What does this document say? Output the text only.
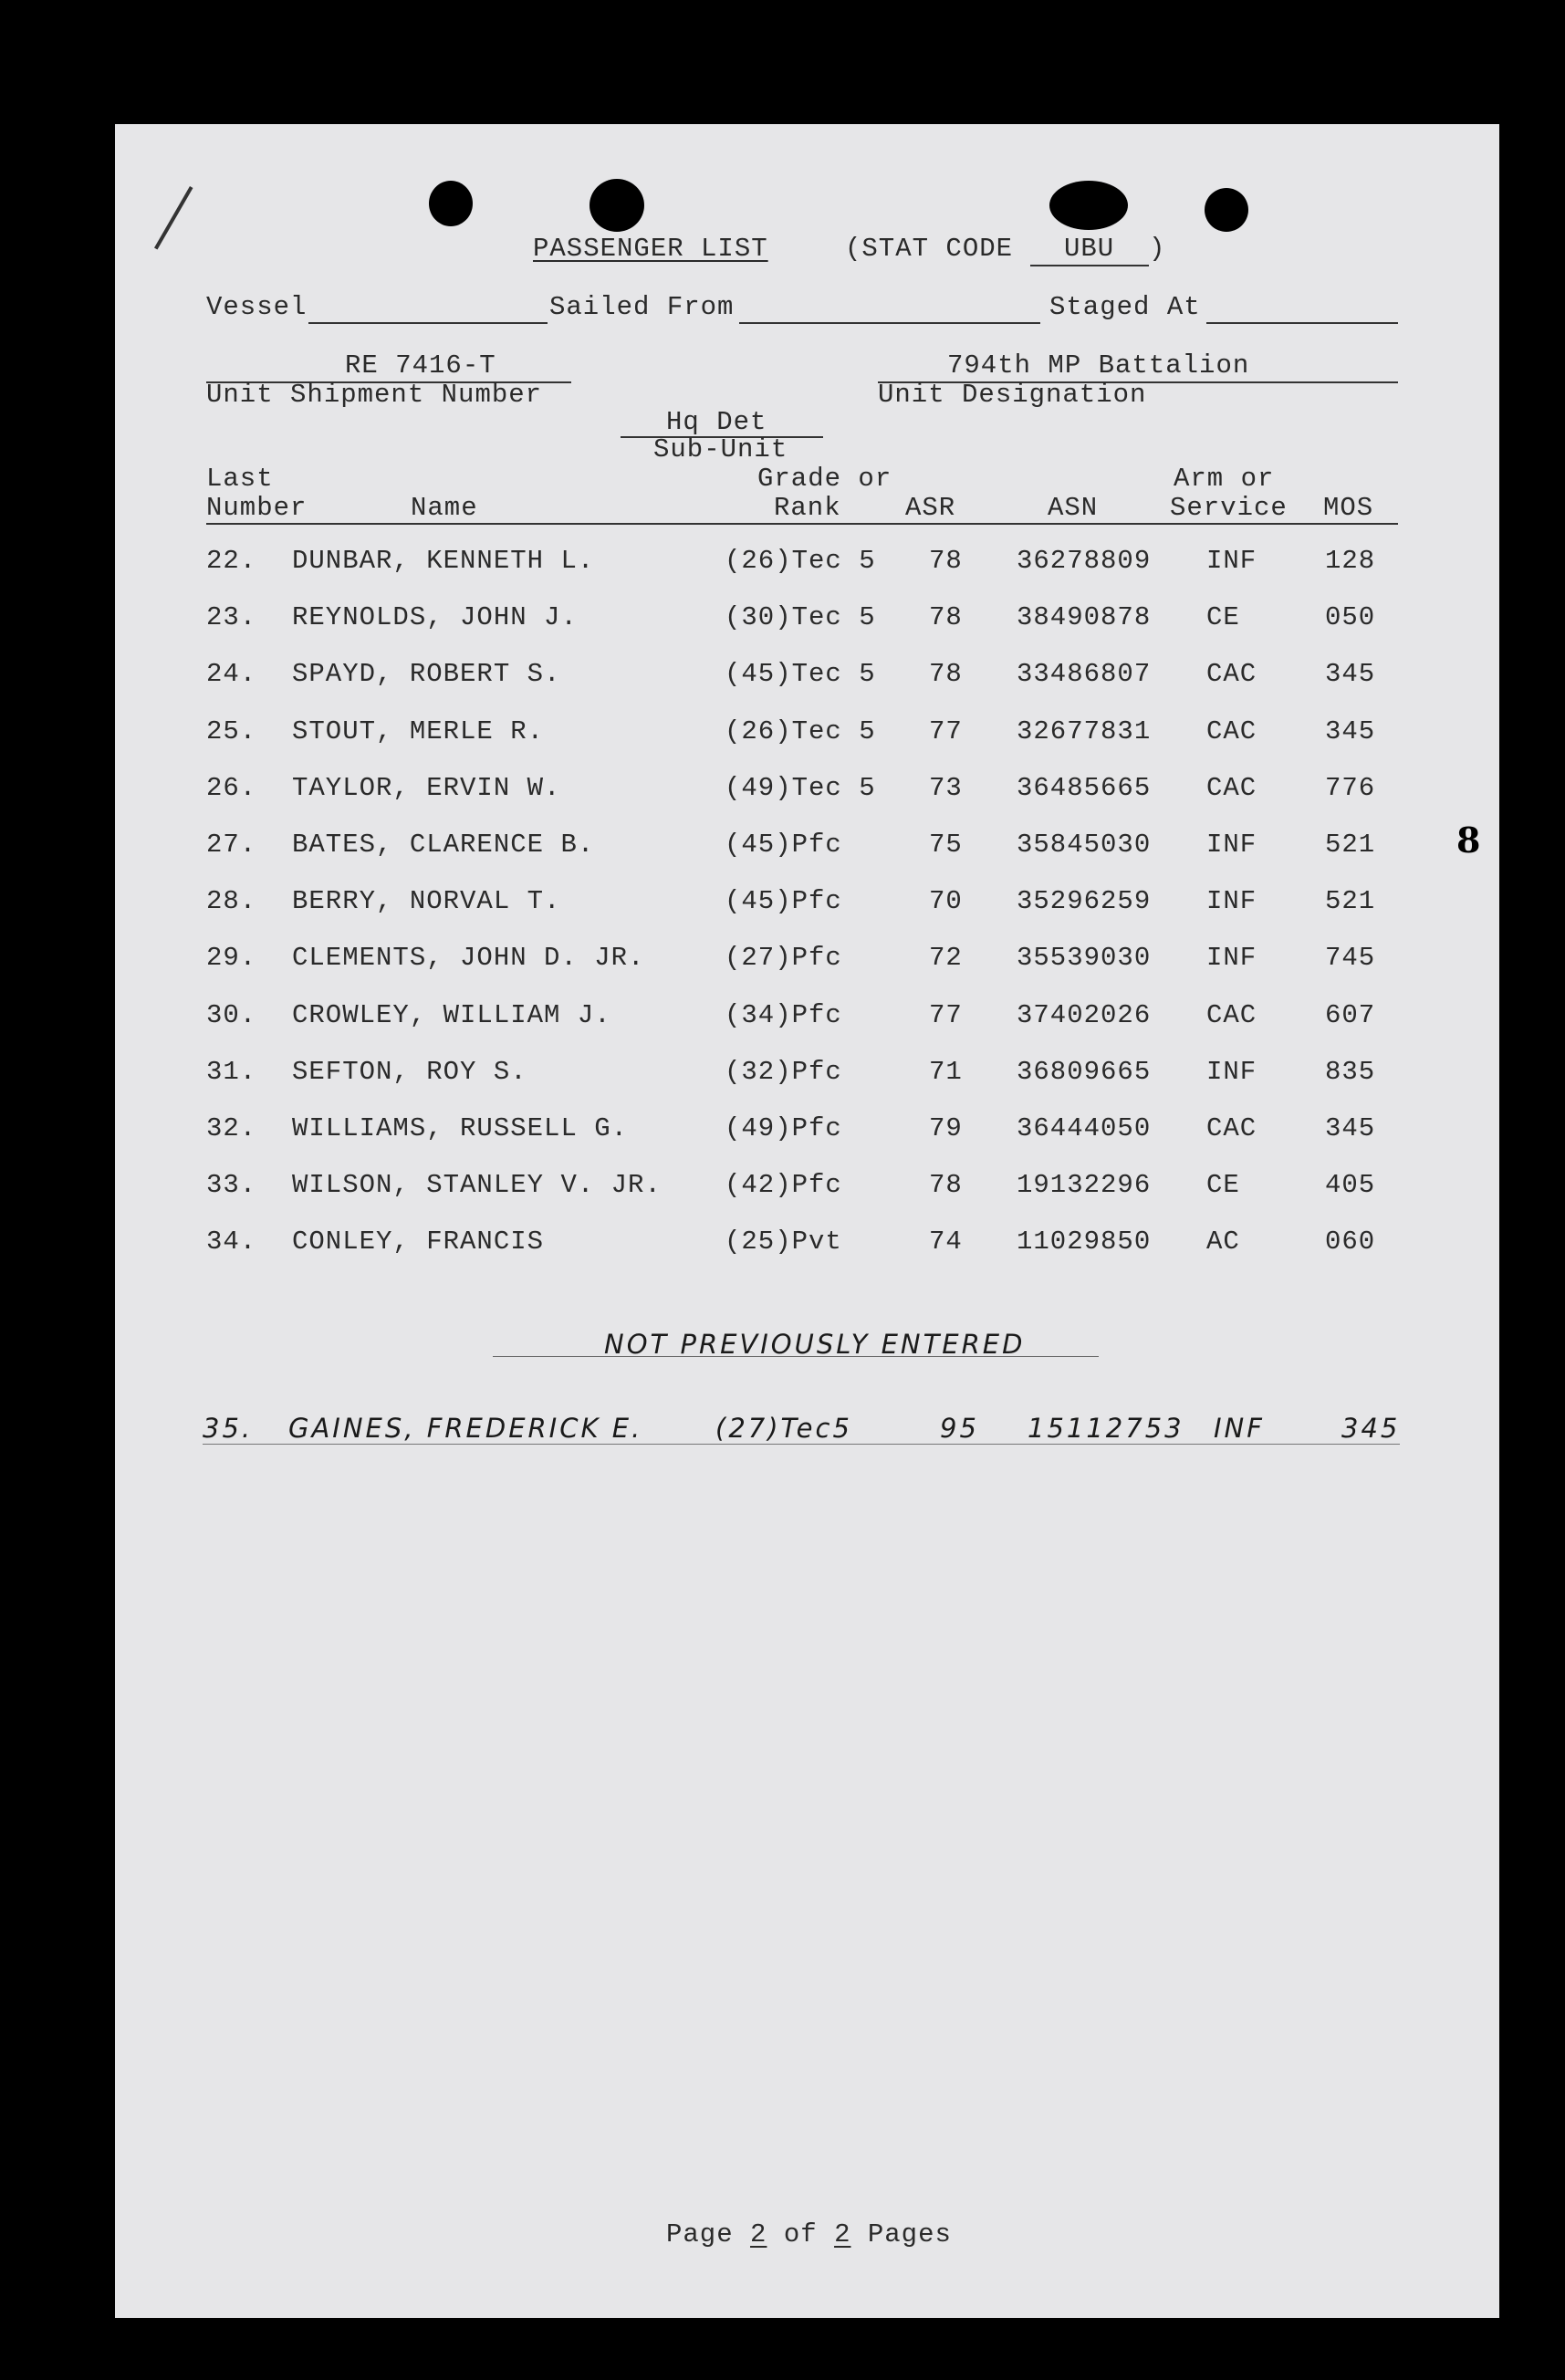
PASSENGER LIST	(STAT CODE UBU )
Vessel	Sailed From	Staged At
RE 7416-T
Unit Shipment Number
794th MP Battalion
Unit Designation
Hq Det
Sub-Unit
Last
Number	Name
Grade or
Rank ASR	ASN
Arm or
Service MOS
22. DUNBAR, KENNETH L.	(26)Tec 5 78 36278809 INF	128
23. REYNOLDS, JOHN J.	(30)Tec 5 78 38490878 CE	050
24. SPAYD, ROBERT S.	(45)Tec 5 78 33486807 CAC	345
25. STOUT, MERLE R.	(26)Tec 5 77 32677831 CAC	345
26. TAYLOR, ERVIN W.	(49)Tec 5 73 36485665 CAC	776
27. BATES, CLARENCE B.	(45)Pfc	75 35845030 INF	521
28. BERRY, NORVAL T.	(45)Pfc	70 35296259 INF	521
29. CLEMENTS, JOHN D. JR.	(27)Pfc	72 35539030 INF	745
30. CROWLEY, WILLIAM J.	(34)Pfc	77 37402026 CAC	607
31. SEFTON, ROY S.	(32)Pfc	71 36809665 INF	835
32. WILLIAMS, RUSSELL G.	(49)Pfc	79 36444050 CAC	345
33. WILSON, STANLEY V. JR. (42)Pfc	78 19132296 CE	405
34. CONLEY, FRANCIS	(25)Pvt	74 11029850 AC	060
NOT PREVIOUSLY ENTERED
35. GAINES, FREDERICK E.	(27)Tec5	95 15112753 INF	345
Page 2 of 2 Pages
8
